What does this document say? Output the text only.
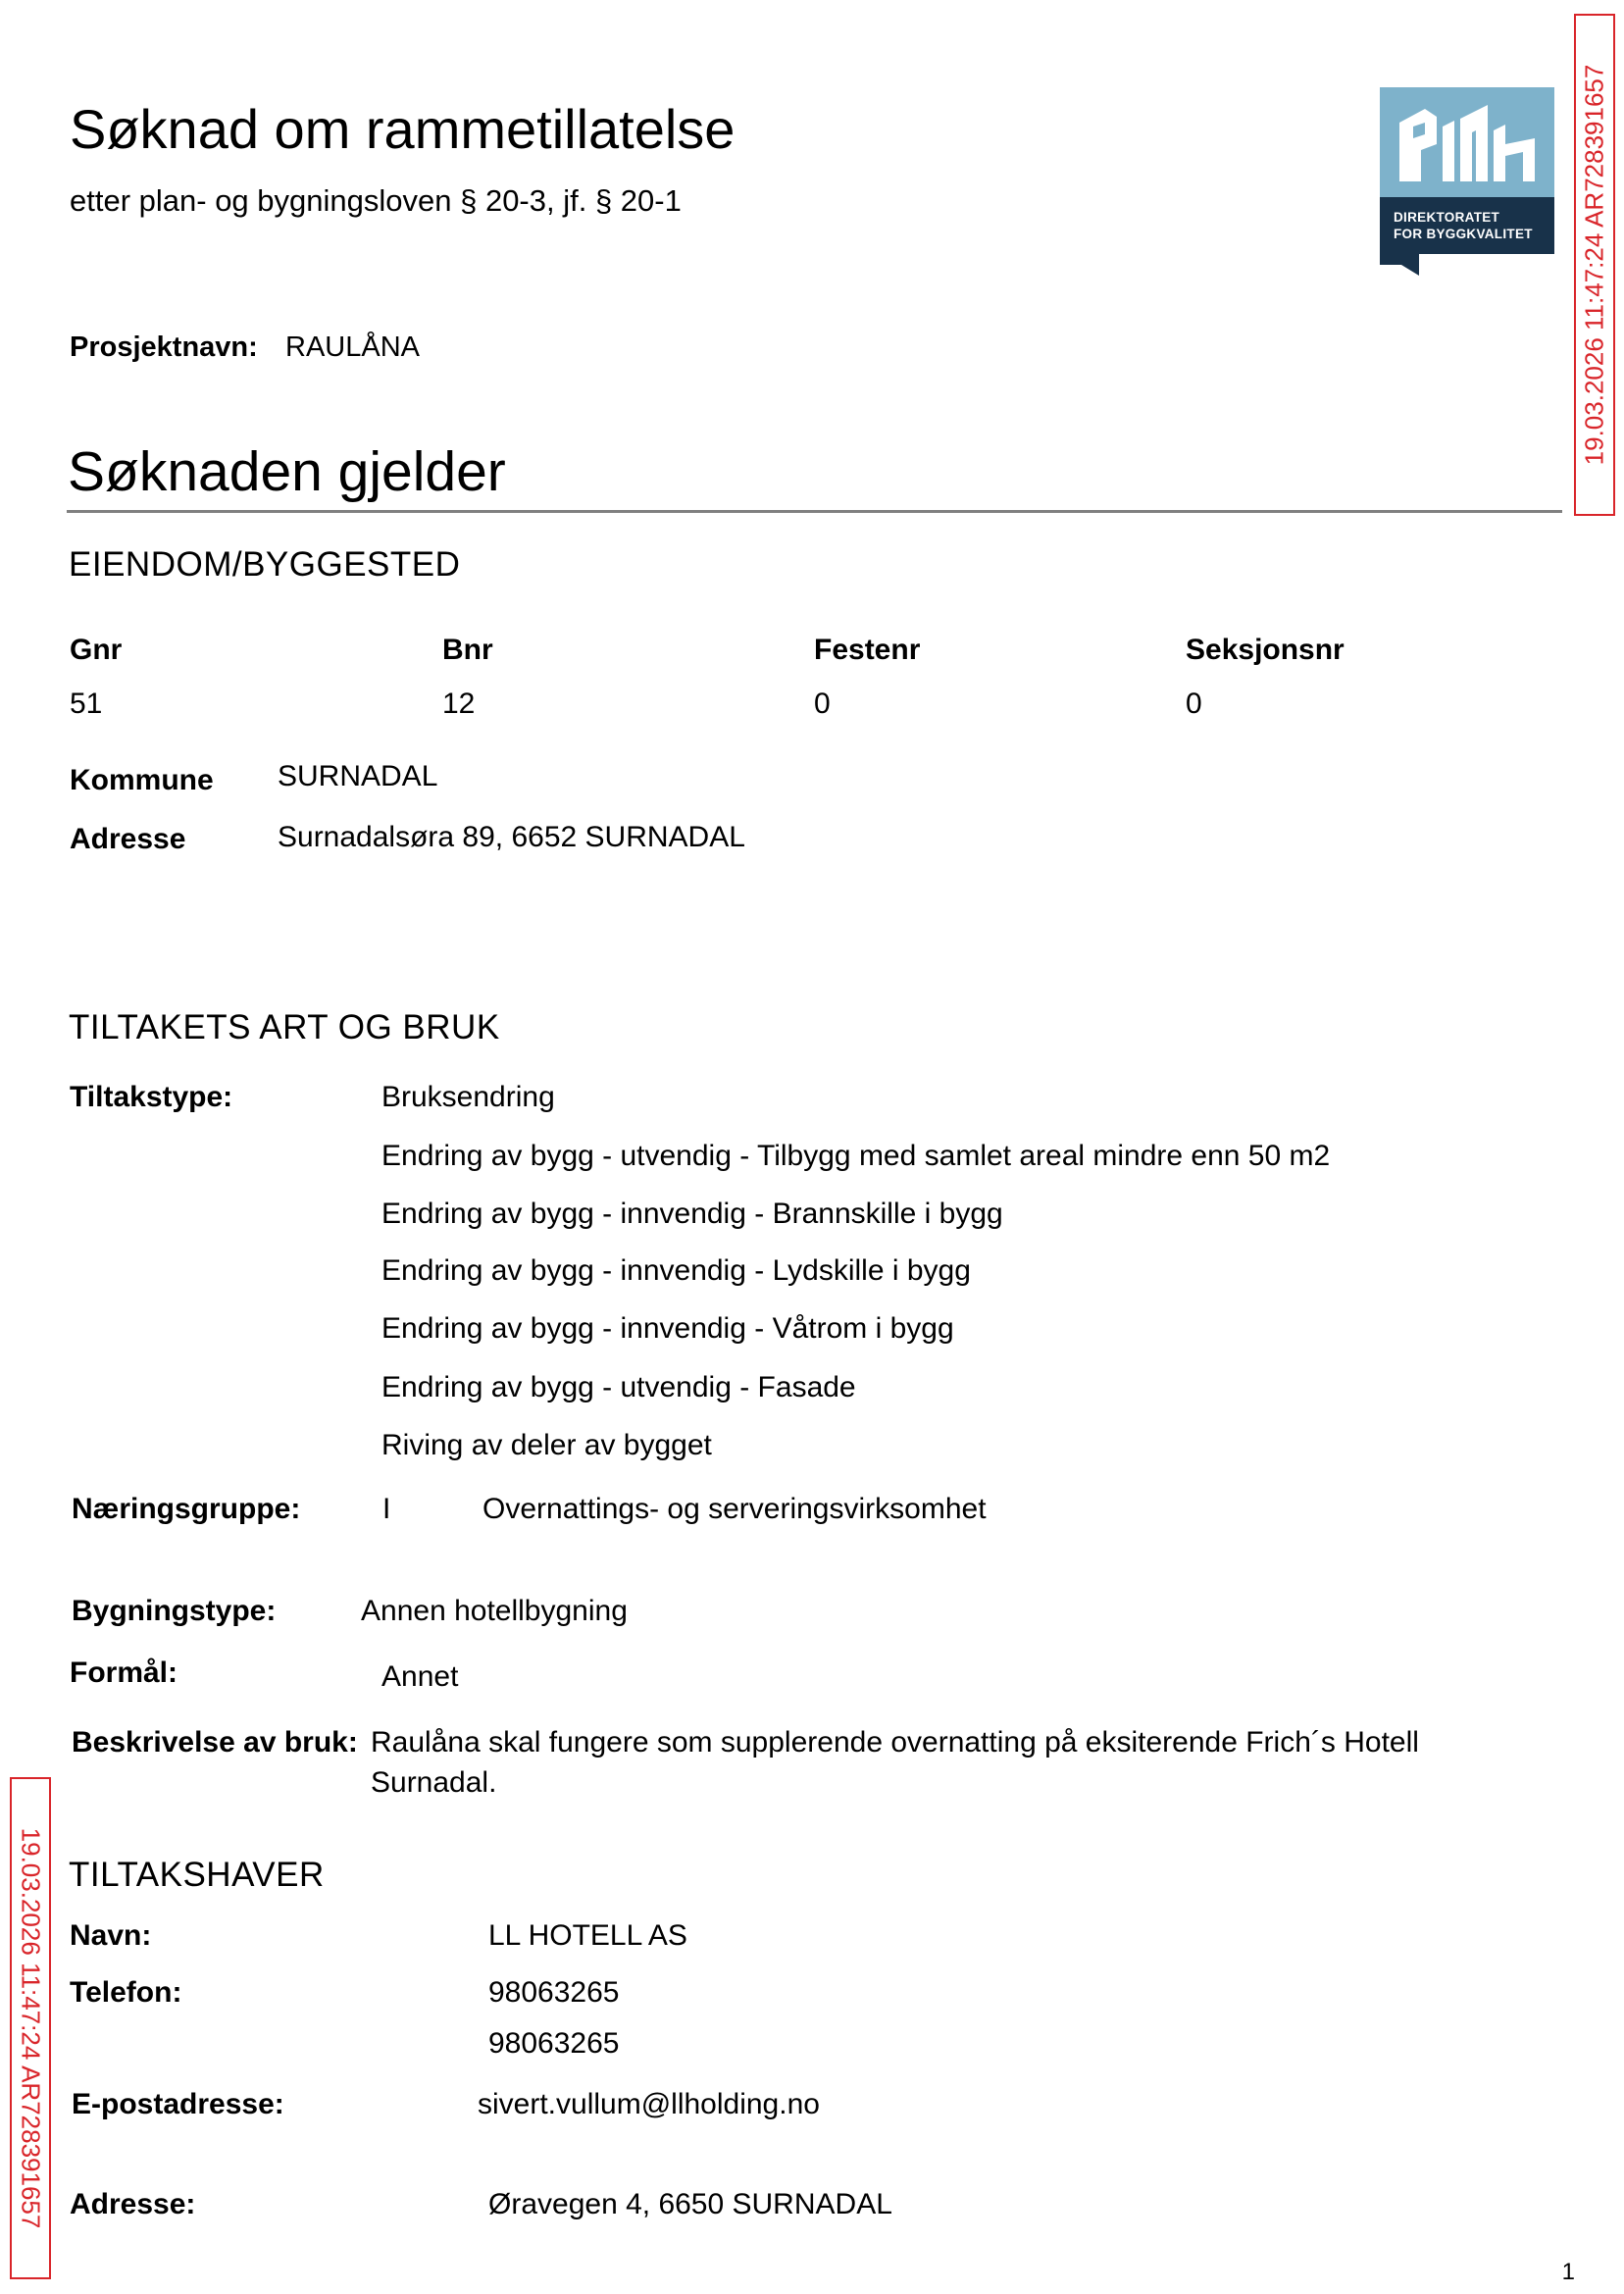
Søknad om rammetillatelse
etter plan- og bygningsloven § 20-3, jf. § 20-1	DIREKTORATET
FOR BYGGKVALITET
Prosjektnavn: RAULÅNA
Søknaden gjelder
EIENDOM/BYGGESTED
Gnr	Bnr	Festenr	Seksjonsnr
51	12	0	0
Kommune SURNADAL
Adresse	Surnadalsøra 89, 6652 SURNADAL
TILTAKETS ART OG BRUK
Tiltakstype:	Bruksendring
Endring av bygg - utvendig - Tilbygg med samlet areal mindre enn 50 m2
Endring av bygg - innvendig - Brannskille i bygg
Endring av bygg - innvendig - Lydskille i bygg
Endring av bygg - innvendig - Våtrom i bygg
Endring av bygg - utvendig - Fasade
Riving av deler av bygget
Næringsgruppe:	I	Overnattings- og serveringsvirksomhet
Bygningstype:	Annen hotellbygning
Formål:	Annet
Beskrivelse av bruk: Raulåna skal fungere som supplerende overnatting på eksiterende Frich´s Hotell
Surnadal.
TILTAKSHAVER
Navn:	LL HOTELL AS
Telefon:	98063265
98063265
E-postadresse:	sivert.vullum@llholding.no
Adresse:	Øravegen 4, 6650 SURNADAL
19.03.2026 11:47:24 AR728391657
19.03.2026 11:47:24 AR728391657
1
